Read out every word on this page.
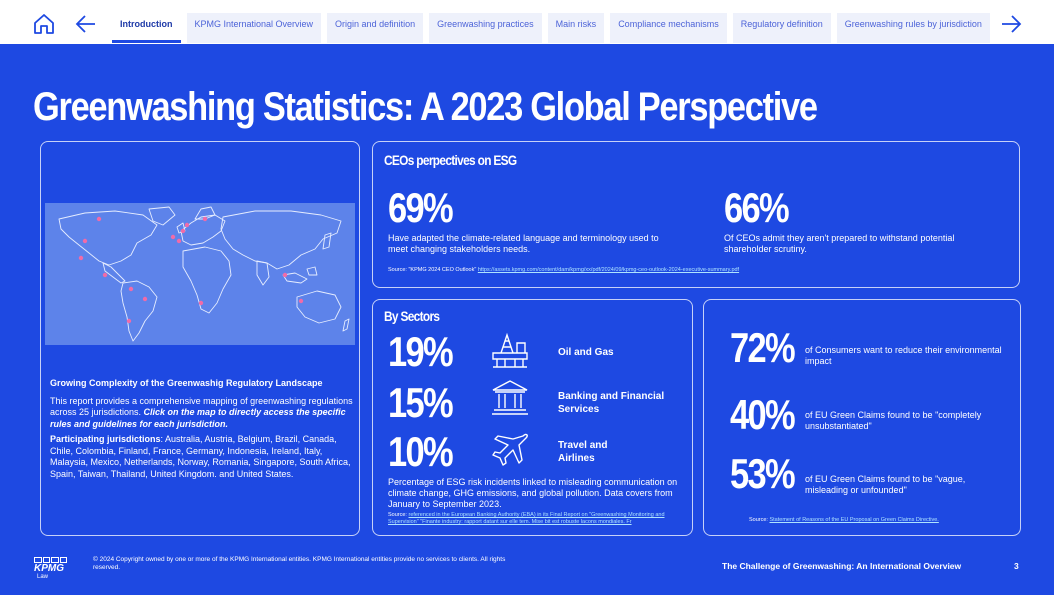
Introduction	KPMG International Overview	Origin and definition	Greenwashing practices	Main risks	Compliance mechanisms	Regulatory definition	Greenwashing rules by jurisdiction
Greenwashing Statistics: A 2023 Global Perspective
Growing Complexity of the Greenwashig Regulatory Landscape
This report provides a comprehensive mapping of greenwashing regulations across 25 jurisdictions. Click on the map to directly access the specific rules and guidelines for each jurisdiction.
Participating jurisdictions: Australia, Austria, Belgium, Brazil, Canada, Chile, Colombia, Finland, France, Germany, Indonesia, Ireland, Italy, Malaysia, Mexico, Netherlands, Norway, Romania, Singapore, South Africa, Spain, Taiwan, Thailand, United Kingdom. and United States.
CEOs perpectives on ESG
69%
Have adapted the climate-related language and terminology used to meet changing stakeholders needs.
66%
Of CEOs admit they aren't prepared to withstand potential shareholder scrutiny.
Source: "KPMG 2024 CEO Outlook" https://assets.kpmg.com/content/dam/kpmg/xx/pdf/2024/09/kpmg-ceo-outlook-2024-executive-summary.pdf
By Sectors
19%	Oil and Gas
15%	Banking and Financial Services
10%	Travel and Airlines
Percentage of ESG risk incidents linked to misleading communication on climate change, GHG emissions, and global pollution. Data covers from January to September 2023.
Source: referenced in the European Banking Authority (EBA) in its Final Report on "Greenwashing Monitoring and Supervision" "Finante industry: rapport datant sur elle tem. Mise bit est robuste lacons mondiales. Fr
72% of Consumers want to reduce their environmental impact
40% of EU Green Claims found to be "completely unsubstantiated"
53% of EU Green Claims found to be "vague, misleading or unfounded"
Source: Statement of Reasons of the EU Proposal on Green Claims Directive.
KPMG
Law
© 2024 Copyright owned by one or more of the KPMG International entities. KPMG International entities provide no services to clients. All rights reserved.	The Challenge of Greenwashing: An International Overview	3
